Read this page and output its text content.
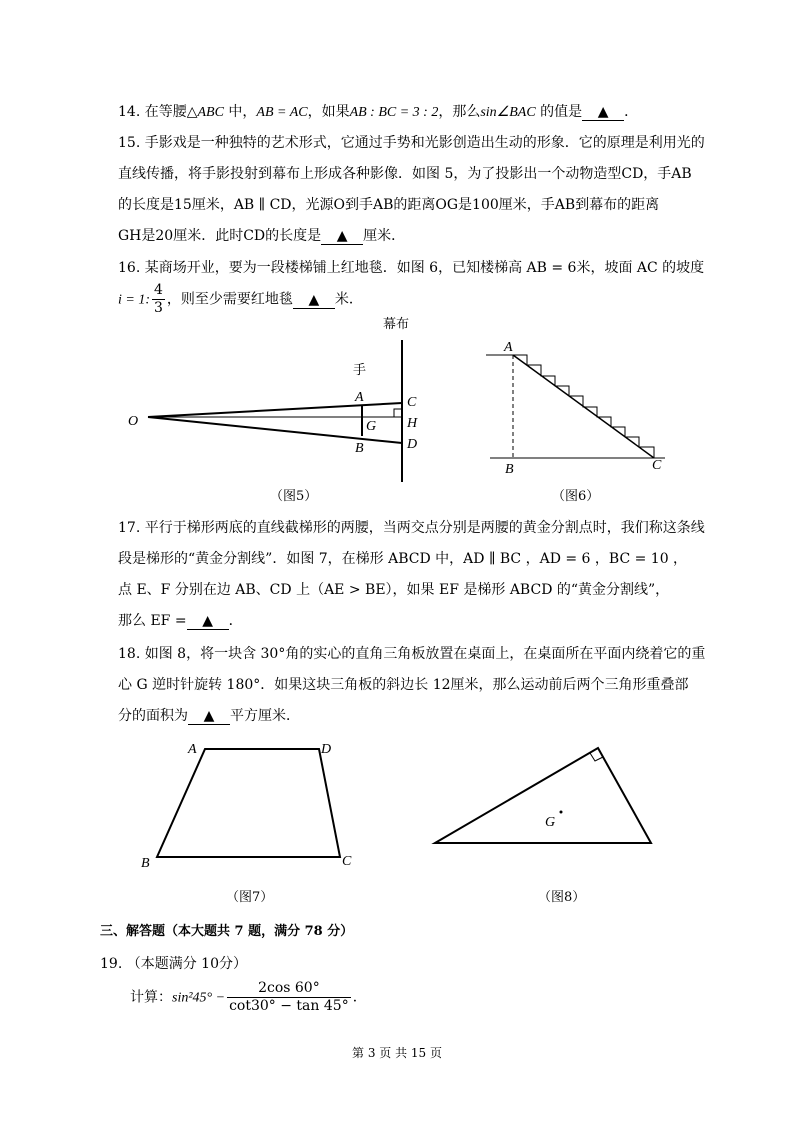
14. 在等腰△ABC 中，AB = AC，如果AB : BC = 3 : 2，那么sin∠BAC 的值是 ▲ ．
15. 手影戏是一种独特的艺术形式，它通过手势和光影创造出生动的形象．它的原理是利用光的
直线传播，将手影投射到幕布上形成各种影像．如图 5，为了投影出一个动物造型CD，手AB
的长度是15厘米，AB ∥ CD，光源O到手AB的距离OG是100厘米，手AB到幕布的距离
GH是20厘米．此时CD的长度是 ▲ 厘米．
16. 某商场开业，要为一段楼梯铺上红地毯．如图 6，已知楼梯高 AB = 6米，坡面 AC 的坡度
i = 1: $\frac{4}{3}$ ，则至少需要红地毯 ▲ 米．
幕布
手
O
A
B
G
C
H
D
（图5）
A
B	C
（图6）
17. 平行于梯形两底的直线截梯形的两腰，当两交点分别是两腰的黄金分割点时，我们称这条线
段是梯形的“黄金分割线”．如图 7，在梯形 ABCD 中，AD ∥ BC ，AD = 6 ，BC = 10 ，
点 E、F 分别在边 AB、CD 上（AE > BE），如果 EF 是梯形 ABCD 的“黄金分割线”，
那么 EF = ▲ ．
18. 如图 8，将一块含 30°角的实心的直角三角板放置在桌面上，在桌面所在平面内绕着它的重
心 G 逆时针旋转 180°．如果这块三角板的斜边长 12厘米，那么运动前后两个三角形重叠部
分的面积为 ▲ 平方厘米．
A	D
B	C
（图7）
G
（图8）
三、解答题（本大题共 7 题，满分 78 分）
19. （本题满分 10分）
计算：$\sin^245^\circ - \frac{2\cos 60^\circ}{\cot 30^\circ - \tan 45^\circ}$ ．
第 3 页 共 15 页
